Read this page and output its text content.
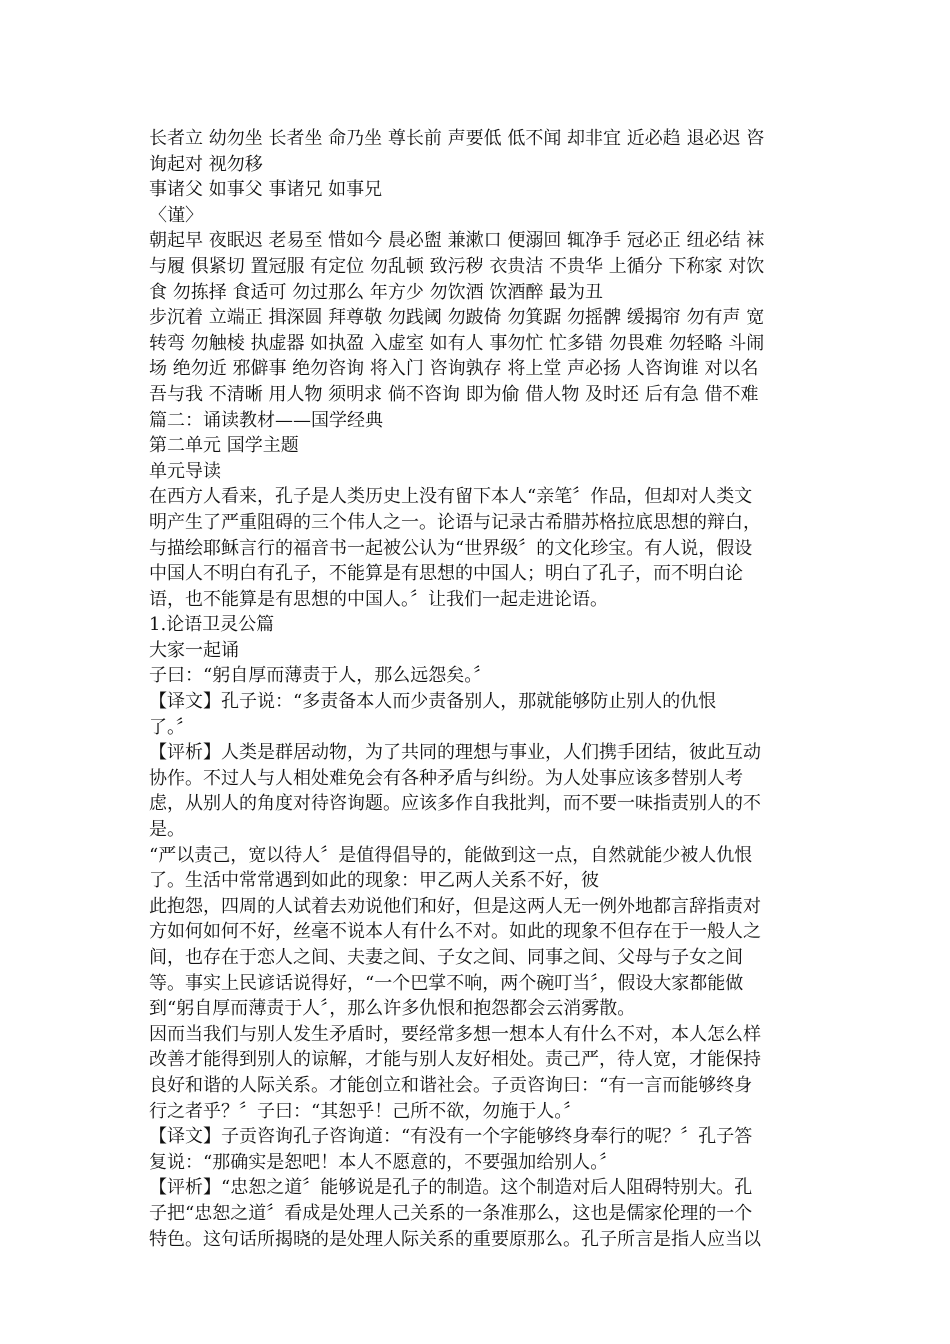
长者立 幼勿坐 长者坐 命乃坐 尊长前 声要低 低不闻 却非宜 近必趋 退必迟 咨
询起对 视勿移
事诸父 如事父 事诸兄 如事兄
〈谨〉
朝起早 夜眠迟 老易至 惜如今 晨必盥 兼漱口 便溺回 辄净手 冠必正 纽必结 袜
与履 俱紧切 置冠服 有定位 勿乱顿 致污秽 衣贵洁 不贵华 上循分 下称家 对饮
食 勿拣择 食适可 勿过那么 年方少 勿饮酒 饮酒醉 最为丑
步沉着 立端正 揖深圆 拜尊敬 勿践阈 勿跛倚 勿箕踞 勿摇髀 缓揭帘 勿有声 宽
转弯 勿触棱 执虚器 如执盈 入虚室 如有人 事勿忙 忙多错 勿畏难 勿轻略 斗闹
场 绝勿近 邪僻事 绝勿咨询 将入门 咨询孰存 将上堂 声必扬 人咨询谁 对以名
吾与我 不清晰 用人物 须明求 倘不咨询 即为偷 借人物 及时还 后有急 借不难
篇二：诵读教材——国学经典
第二单元 国学主题
单元导读
在西方人看来，孔子是人类历史上没有留下本人“亲笔〞作品，但却对人类文
明产生了严重阻碍的三个伟人之一。论语与记录古希腊苏格拉底思想的辩白，
与描绘耶稣言行的福音书一起被公认为“世界级〞的文化珍宝。有人说，假设
中国人不明白有孔子，不能算是有思想的中国人；明白了孔子，而不明白论
语，也不能算是有思想的中国人。〞让我们一起走进论语。
1.论语卫灵公篇
大家一起诵
子曰：“躬自厚而薄责于人，那么远怨矣。〞
【译文】孔子说：“多责备本人而少责备别人，那就能够防止别人的仇恨
了。〞
【评析】人类是群居动物，为了共同的理想与事业，人们携手团结，彼此互动
协作。不过人与人相处难免会有各种矛盾与纠纷。为人处事应该多替别人考
虑，从别人的角度对待咨询题。应该多作自我批判，而不要一味指责别人的不
是。
“严以责己，宽以待人〞是值得倡导的，能做到这一点，自然就能少被人仇恨
了。生活中常常遇到如此的现象：甲乙两人关系不好，彼
此抱怨，四周的人试着去劝说他们和好，但是这两人无一例外地都言辞指责对
方如何如何不好，丝毫不说本人有什么不对。如此的现象不但存在于一般人之
间，也存在于恋人之间、夫妻之间、子女之间、同事之间、父母与子女之间
等。事实上民谚话说得好，“一个巴掌不响，两个碗叮当〞，假设大家都能做
到“躬自厚而薄责于人〞，那么许多仇恨和抱怨都会云消雾散。
因而当我们与别人发生矛盾时，要经常多想一想本人有什么不对，本人怎么样
改善才能得到别人的谅解，才能与别人友好相处。责己严，待人宽，才能保持
良好和谐的人际关系。才能创立和谐社会。子贡咨询曰：“有一言而能够终身
行之者乎？〞子曰：“其恕乎！己所不欲，勿施于人。〞
【译文】子贡咨询孔子咨询道：“有没有一个字能够终身奉行的呢？〞孔子答
复说：“那确实是恕吧！本人不愿意的，不要强加给别人。〞
【评析】“忠恕之道〞能够说是孔子的制造。这个制造对后人阻碍特别大。孔
子把“忠恕之道〞看成是处理人己关系的一条准那么，这也是儒家伦理的一个
特色。这句话所揭晓的是处理人际关系的重要原那么。孔子所言是指人应当以
